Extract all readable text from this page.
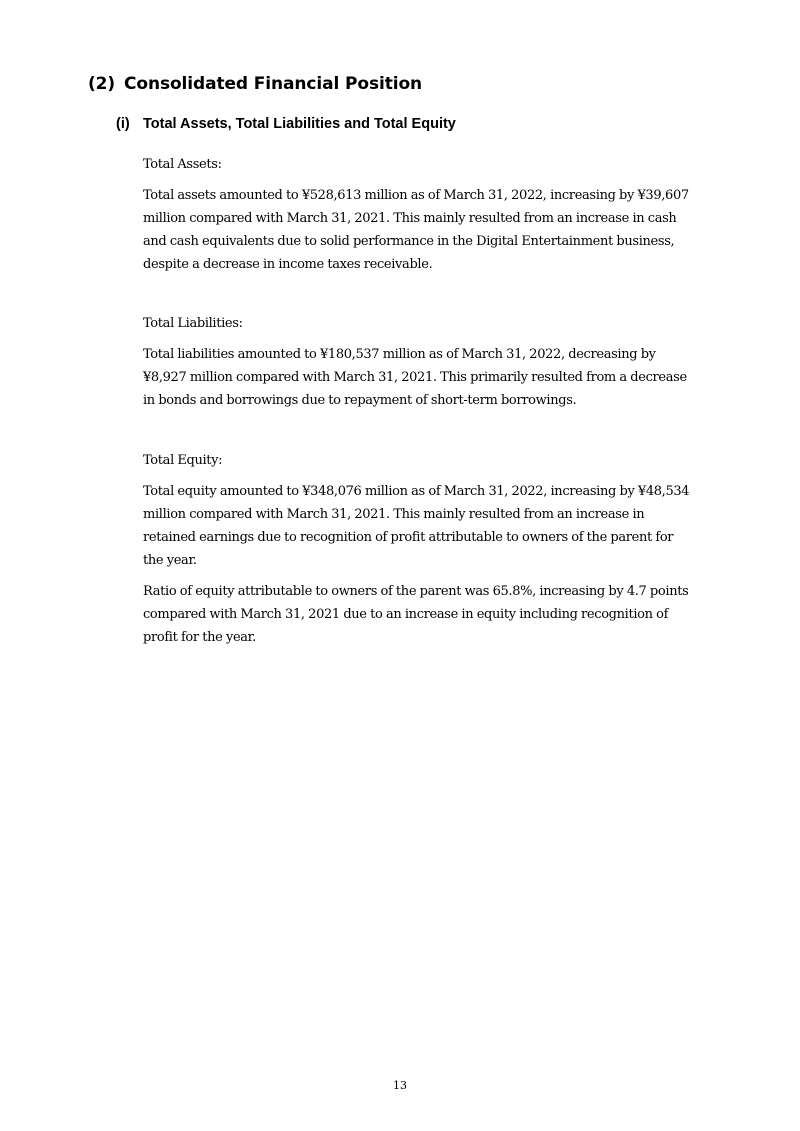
(2) Consolidated Financial Position
(i) Total Assets, Total Liabilities and Total Equity

Total Assets:

Total assets amounted to ¥528,613 million as of March 31, 2022, increasing by ¥39,607 million compared with March 31, 2021. This mainly resulted from an increase in cash and cash equivalents due to solid performance in the Digital Entertainment business, despite a decrease in income taxes receivable.

Total Liabilities:

Total liabilities amounted to ¥180,537 million as of March 31, 2022, decreasing by ¥8,927 million compared with March 31, 2021. This primarily resulted from a decrease in bonds and borrowings due to repayment of short-term borrowings.

Total Equity:

Total equity amounted to ¥348,076 million as of March 31, 2022, increasing by ¥48,534 million compared with March 31, 2021. This mainly resulted from an increase in retained earnings due to recognition of profit attributable to owners of the parent for the year.

Ratio of equity attributable to owners of the parent was 65.8%, increasing by 4.7 points compared with March 31, 2021 due to an increase in equity including recognition of profit for the year.

13
